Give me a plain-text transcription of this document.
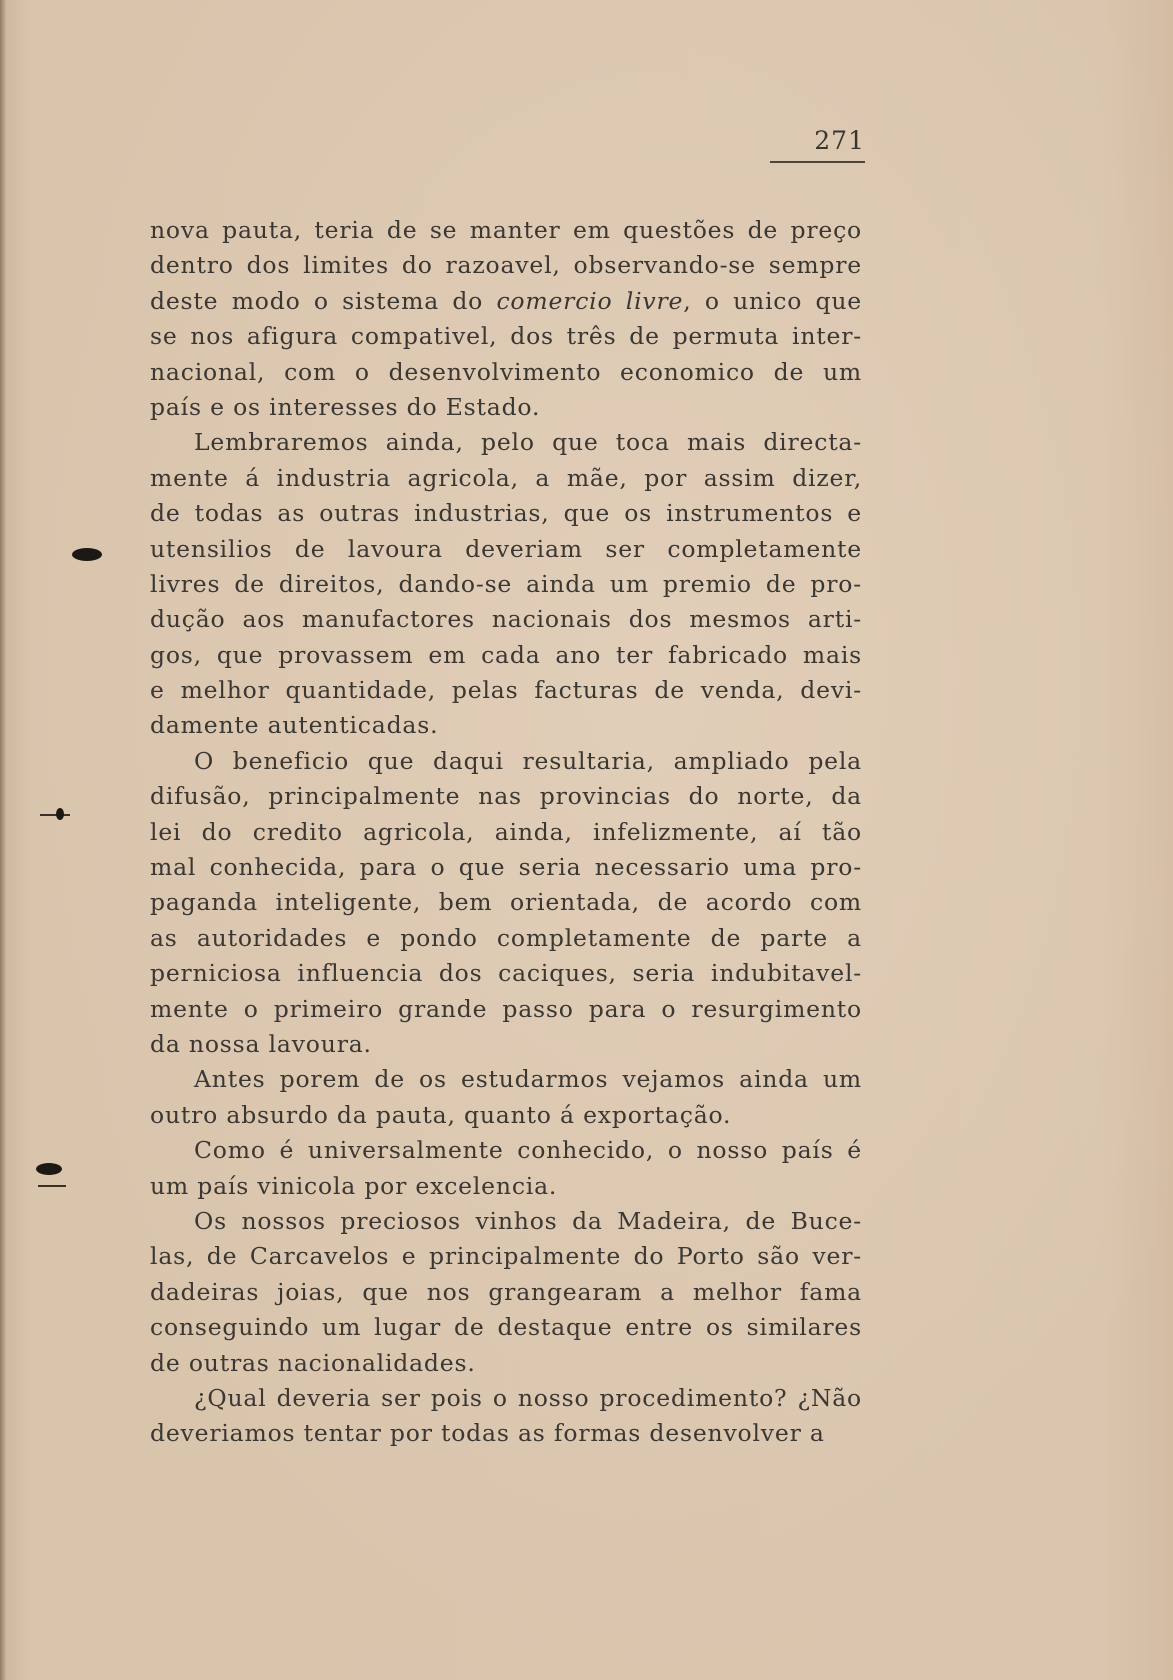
271
nova pauta, teria de se manter em questões de preço
dentro dos limites do razoavel, observando-se sempre
deste modo o sistema do comercio livre, o unico que
se nos afigura compativel, dos três de permuta inter-
nacional, com o desenvolvimento economico de um
país e os interesses do Estado.
Lembraremos ainda, pelo que toca mais directa-
mente á industria agricola, a mãe, por assim dizer,
de todas as outras industrias, que os instrumentos e
utensilios de lavoura deveriam ser completamente
livres de direitos, dando-se ainda um premio de pro-
dução aos manufactores nacionais dos mesmos arti-
gos, que provassem em cada ano ter fabricado mais
e melhor quantidade, pelas facturas de venda, devi-
damente autenticadas.
O beneficio que daqui resultaria, ampliado pela
difusão, principalmente nas provincias do norte, da
lei do credito agricola, ainda, infelizmente, aí tão
mal conhecida, para o que seria necessario uma pro-
paganda inteligente, bem orientada, de acordo com
as autoridades e pondo completamente de parte a
perniciosa influencia dos caciques, seria indubitavel-
mente o primeiro grande passo para o resurgimento
da nossa lavoura.
Antes porem de os estudarmos vejamos ainda um
outro absurdo da pauta, quanto á exportação.
Como é universalmente conhecido, o nosso país é
um país vinicola por excelencia.
Os nossos preciosos vinhos da Madeira, de Buce-
las, de Carcavelos e principalmente do Porto são ver-
dadeiras joias, que nos grangearam a melhor fama
conseguindo um lugar de destaque entre os similares
de outras nacionalidades.
¿Qual deveria ser pois o nosso procedimento? ¿Não
deveriamos tentar por todas as formas desenvolver a
